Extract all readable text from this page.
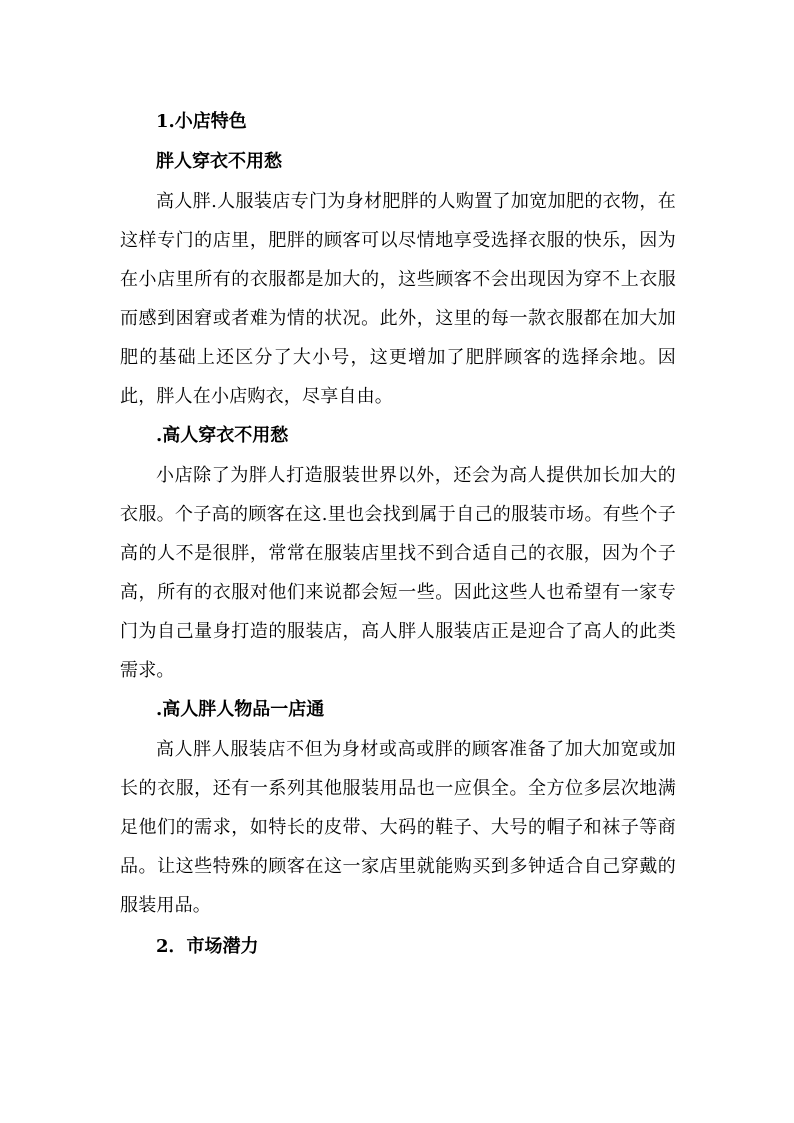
1.小店特色

胖人穿衣不用愁

高人胖.人服装店专门为身材肥胖的人购置了加宽加肥的衣物，在这样专门的店里，肥胖的顾客可以尽情地享受选择衣服的快乐，因为在小店里所有的衣服都是加大的，这些顾客不会出现因为穿不上衣服而感到困窘或者难为情的状况。此外，这里的每一款衣服都在加大加肥的基础上还区分了大小号，这更增加了肥胖顾客的选择余地。因此，胖人在小店购衣，尽享自由。

.高人穿衣不用愁

小店除了为胖人打造服装世界以外，还会为高人提供加长加大的衣服。个子高的顾客在这.里也会找到属于自己的服装市场。有些个子高的人不是很胖，常常在服装店里找不到合适自己的衣服，因为个子高，所有的衣服对他们来说都会短一些。因此这些人也希望有一家专门为自己量身打造的服装店，高人胖人服装店正是迎合了高人的此类需求。

.高人胖人物品一店通

高人胖人服装店不但为身材或高或胖的顾客准备了加大加宽或加长的衣服，还有一系列其他服装用品也一应俱全。全方位多层次地满足他们的需求，如特长的皮带、大码的鞋子、大号的帽子和袜子等商品。让这些特殊的顾客在这一家店里就能购买到多钟适合自己穿戴的服装用品。

2．市场潜力
